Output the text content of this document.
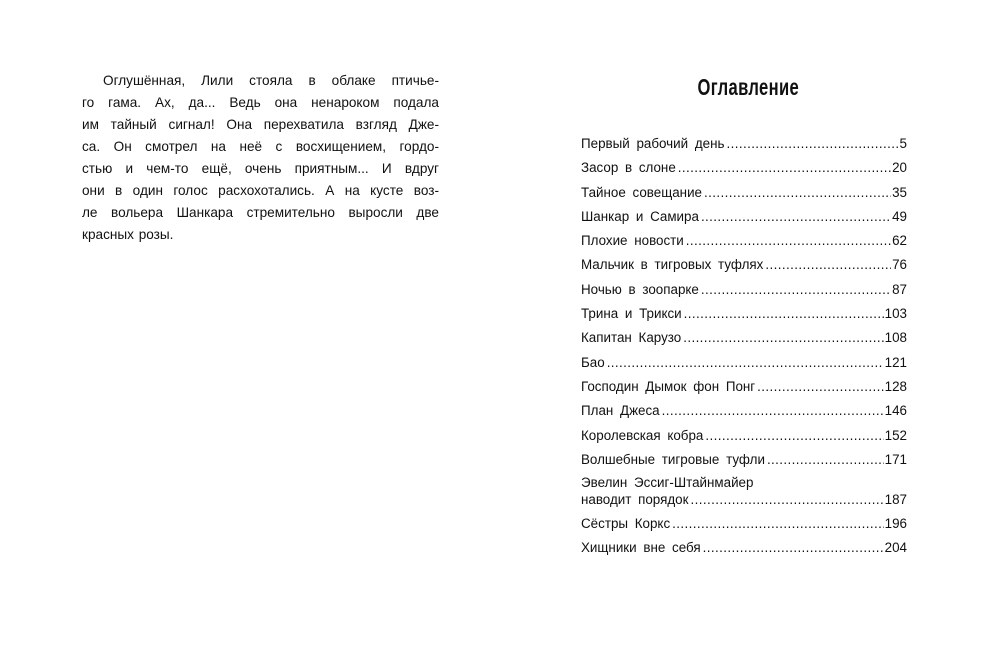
Оглушённая, Лили стояла в облаке птичье-
го гама. Ах, да... Ведь она ненароком подала
им тайный сигнал! Она перехватила взгляд Дже-
са. Он смотрел на неё с восхищением, гордо-
стью и чем-то ещё, очень приятным... И вдруг
они в один голос расхохотались. А на кусте воз-
ле вольера Шанкара стремительно выросли две
красных розы.

Оглавление
Первый рабочий день .....	5
Засор в слоне .....	20
Тайное совещание .....	35
Шанкар и Самира .....	49
Плохие новости .....	62
Мальчик в тигровых туфлях .....	76
Ночью в зоопарке .....	87
Трина и Трикси .....	103
Капитан Карузо .....	108
Бао .....	121
Господин Дымок фон Понг .....	128
План Джеса .....	146
Королевская кобра .....	152
Волшебные тигровые туфли .....	171
Эвелин Эссиг-Штайнмайер
наводит порядок .....	187
Сёстры Коркс .....	196
Хищники вне себя .....	204
